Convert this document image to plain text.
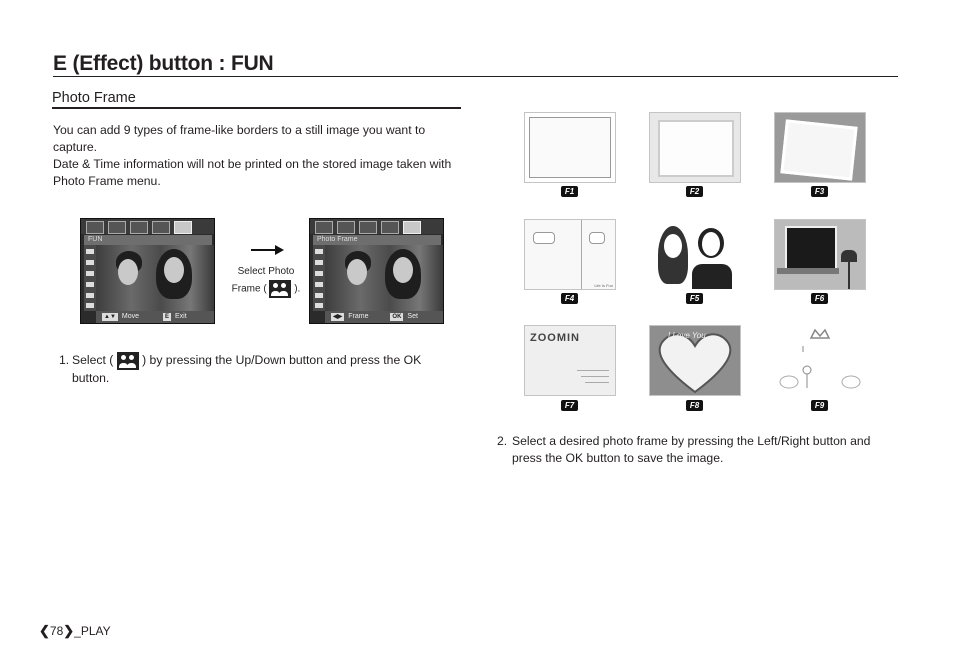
E (Effect) button : FUN
Photo Frame

You can add 9 types of frame-like borders to a still image you want to capture.

Date & Time information will not be printed on the stored image taken with Photo Frame menu.

FUN
▲▼ Move	E Exit
Select Photo
Frame (	).
Photo Frame
◀▶ Frame	OK Set
1. Select ( ) by pressing the Up/Down button and press the OK button.
F1	F2	F3
Life Is Fun
F4	F5	F6
ZOOMIN
F7
I Love You
F8	F9
2. Select a desired photo frame by pressing the Left/Right button and press the OK button to save the image.
❮78❯_PLAY
